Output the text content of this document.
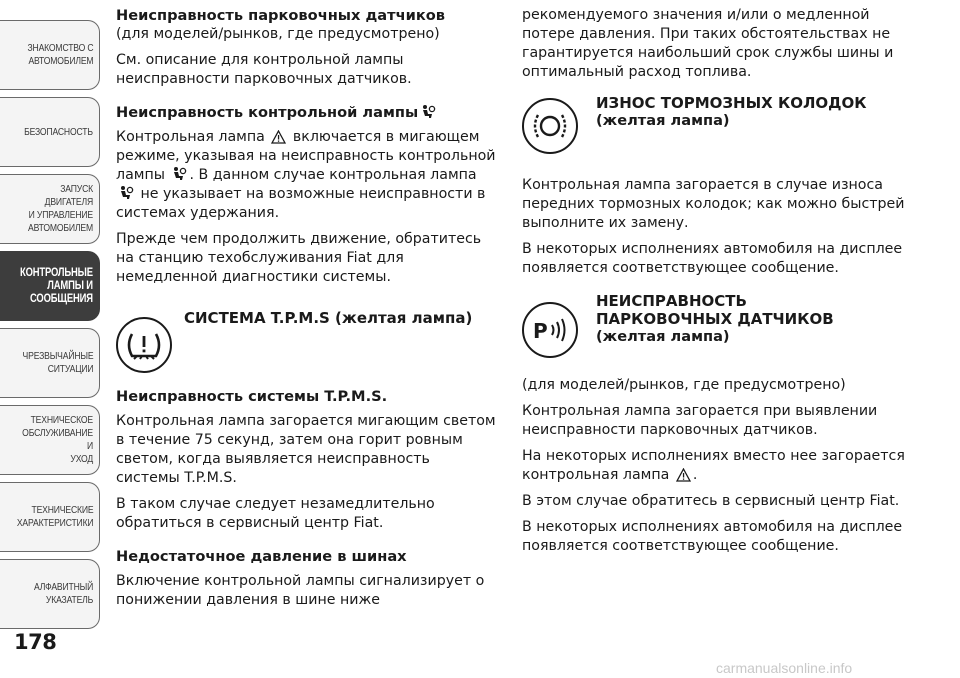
ЗНАКОМСТВО С
АВТОМОБИЛЕМ
БЕЗОПАСНОСТЬ
ЗАПУСК ДВИГАТЕЛЯ
И УПРАВЛЕНИЕ
АВТОМОБИЛЕМ
КОНТРОЛЬНЫЕ
ЛАМПЫ И
СООБЩЕНИЯ
ЧРЕЗВЫЧАЙНЫЕ
СИТУАЦИИ
ТЕХНИЧЕСКОЕ
ОБСЛУЖИВАНИЕ И
УХОД
ТЕХНИЧЕСКИЕ
ХАРАКТЕРИСТИКИ
АЛФАВИТНЫЙ
УКАЗАТЕЛЬ
178
Неисправность парковочных датчиков

(для моделей/рынков, где предусмотрено)

См. описание для контрольной лампы неисправности парковочных датчиков.

Неисправность контрольной лампы

Контрольная лампа включается в мигающем режиме, указывая на неисправность контрольной лампы . В данном случае контрольная лампа  не указывает на возможные неисправности в системах удержания.

Прежде чем продолжить движение, обратитесь на станцию техобслуживания Fiat для немедленной диагностики системы.

СИСТЕМА T.P.M.S (желтая лампа)
Неисправность системы T.P.M.S.

Контрольная лампа загорается мигающим светом в течение 75 секунд, затем она горит ровным светом, когда выявляется неисправность системы T.P.M.S.

В таком случае следует незамедлительно обратиться в сервисный центр Fiat.

Недостаточное давление в шинах

Включение контрольной лампы сигнализирует о понижении давления в шине ниже

рекомендуемого значения и/или о медленной потере давления. При таких обстоятельствах не гарантируется наибольший срок службы шины и оптимальный расход топлива.

ИЗНОС ТОРМОЗНЫХ КОЛОДОК
(желтая лампа)

Контрольная лампа загорается в случае износа передних тормозных колодок; как можно быстрей выполните их замену.

В некоторых исполнениях автомобиля на дисплее появляется соответствующее сообщение.

P
НЕИСПРАВНОСТЬ
ПАРКОВОЧНЫХ ДАТЧИКОВ
(желтая лампа)

(для моделей/рынков, где предусмотрено)

Контрольная лампа загорается при выявлении неисправности парковочных датчиков.

На некоторых исполнениях вместо нее загорается контрольная лампа .

В этом случае обратитесь в сервисный центр Fiat.

В некоторых исполнениях автомобиля на дисплее появляется соответствующее сообщение.

carmanualsonline.info
